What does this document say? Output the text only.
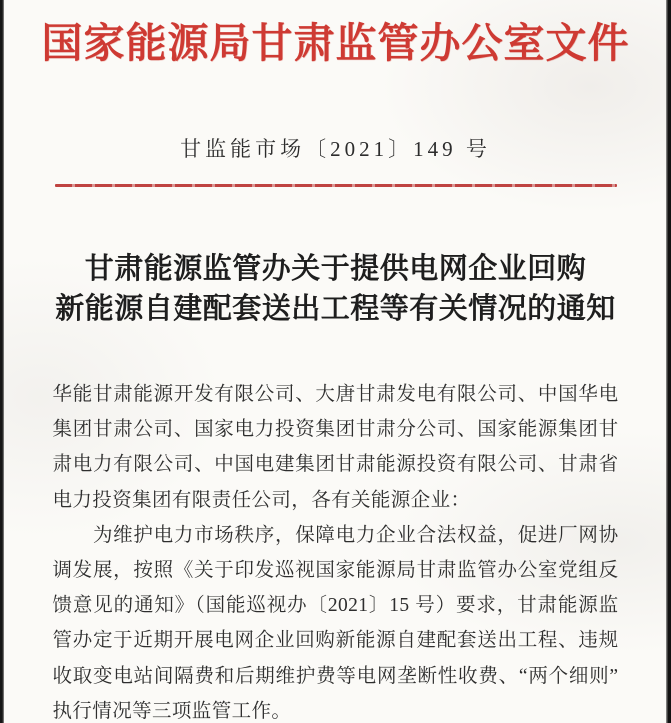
国家能源局甘肃监管办公室文件
甘监能市场〔2021〕149 号
甘肃能源监管办关于提供电网企业回购
新能源自建配套送出工程等有关情况的通知
华能甘肃能源开发有限公司、大唐甘肃发电有限公司、中国华电
集团甘肃公司、国家电力投资集团甘肃分公司、国家能源集团甘
肃电力有限公司、中国电建集团甘肃能源投资有限公司、甘肃省
电力投资集团有限责任公司，各有关能源企业：
　　为维护电力市场秩序，保障电力企业合法权益，促进厂网协
调发展，按照《关于印发巡视国家能源局甘肃监管办公室党组反
馈意见的通知》（国能巡视办〔2021〕15 号）要求，甘肃能源监
管办定于近期开展电网企业回购新能源自建配套送出工程、违规
收取变电站间隔费和后期维护费等电网垄断性收费、“两个细则”
执行情况等三项监管工作。
